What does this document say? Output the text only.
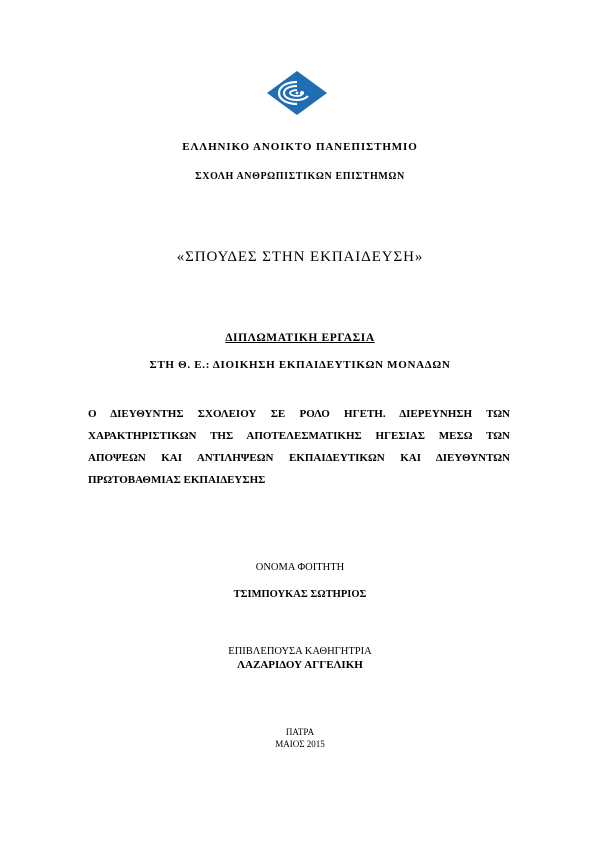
ΕΛΛΗΝΙΚΟ ΑΝΟΙΚΤΟ ΠΑΝΕΠΙΣΤΗΜΙΟ
ΣΧΟΛΗ ΑΝΘΡΩΠΙΣΤΙΚΩΝ ΕΠΙΣΤΗΜΩΝ
«ΣΠΟΥΔΕΣ ΣΤΗΝ ΕΚΠΑΙΔΕΥΣΗ»
ΔΙΠΛΩΜΑΤΙΚΗ ΕΡΓΑΣΙΑ
ΣΤΗ Θ. Ε.: ΔΙΟΙΚΗΣΗ ΕΚΠΑΙΔΕΥΤΙΚΩΝ ΜΟΝΑΔΩΝ
Ο ΔΙΕΥΘΥΝΤΗΣ ΣΧΟΛΕΙΟΥ ΣΕ ΡΟΛΟ ΗΓΕΤΗ. ΔΙΕΡΕΥΝΗΣΗ ΤΩΝ
ΧΑΡΑΚΤΗΡΙΣΤΙΚΩΝ ΤΗΣ ΑΠΟΤΕΛΕΣΜΑΤΙΚΗΣ ΗΓΕΣΙΑΣ ΜΕΣΩ ΤΩΝ
ΑΠΟΨΕΩΝ ΚΑΙ ΑΝΤΙΛΗΨΕΩΝ ΕΚΠΑΙΔΕΥΤΙΚΩΝ ΚΑΙ ΔΙΕΥΘΥΝΤΩΝ
ΠΡΩΤΟΒΑΘΜΙΑΣ ΕΚΠΑΙΔΕΥΣΗΣ
ΟΝΟΜΑ ΦΟΙΤΗΤΗ
ΤΣΙΜΠΟΥΚΑΣ ΣΩΤΗΡΙΟΣ
ΕΠΙΒΛΕΠΟΥΣΑ ΚΑΘΗΓΗΤΡΙΑ
ΛΑΖΑΡΙΔΟΥ ΑΓΓΕΛΙΚΗ
ΠΑΤΡΑ
ΜΑΙΟΣ 2015
